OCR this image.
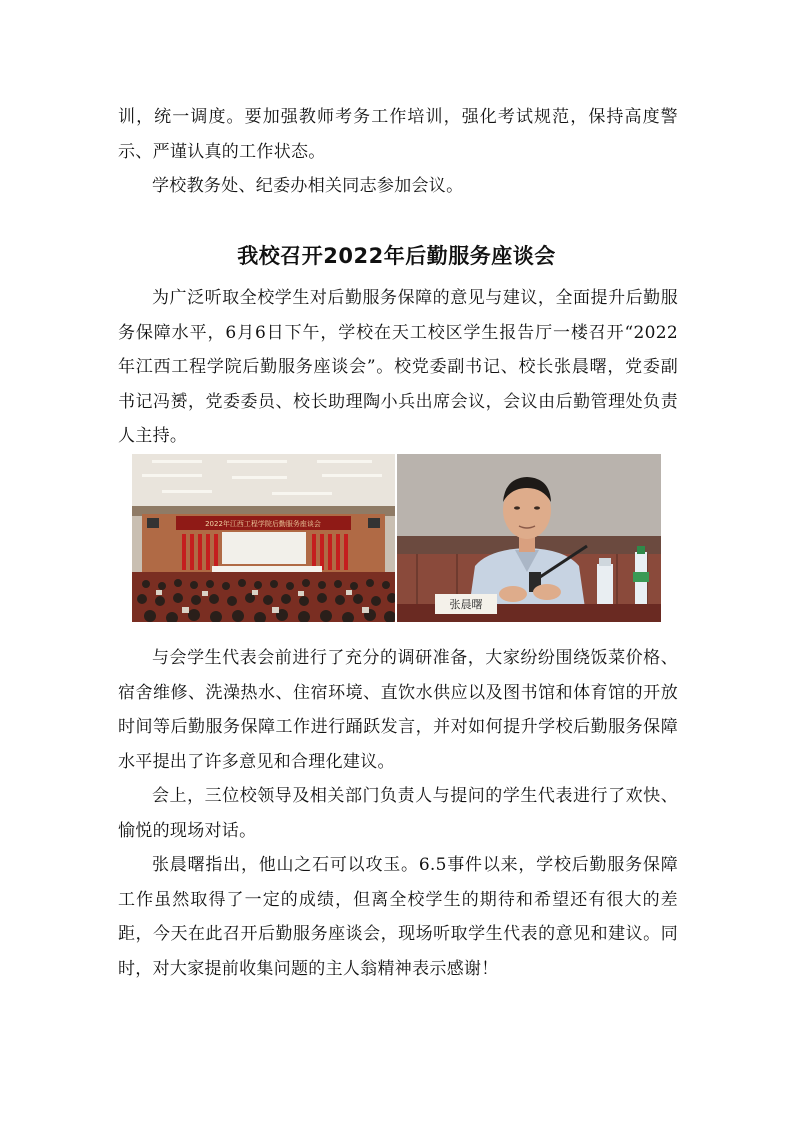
训，统一调度。要加强教师考务工作培训，强化考试规范，保持高度警示、严谨认真的工作状态。

学校教务处、纪委办相关同志参加会议。

我校召开2022年后勤服务座谈会

为广泛听取全校学生对后勤服务保障的意见与建议，全面提升后勤服务保障水平，6月6日下午，学校在天工校区学生报告厅一楼召开“2022年江西工程学院后勤服务座谈会”。校党委副书记、校长张晨曙，党委副书记冯赟，党委委员、校长助理陶小兵出席会议，会议由后勤管理处负责人主持。

2022年江西工程学院后勤服务座谈会
张晨曙

与会学生代表会前进行了充分的调研准备，大家纷纷围绕饭菜价格、宿舍维修、洗澡热水、住宿环境、直饮水供应以及图书馆和体育馆的开放时间等后勤服务保障工作进行踊跃发言，并对如何提升学校后勤服务保障水平提出了许多意见和合理化建议。

会上，三位校领导及相关部门负责人与提问的学生代表进行了欢快、愉悦的现场对话。

张晨曙指出，他山之石可以攻玉。6.5事件以来，学校后勤服务保障工作虽然取得了一定的成绩，但离全校学生的期待和希望还有很大的差距，今天在此召开后勤服务座谈会，现场听取学生代表的意见和建议。同时，对大家提前收集问题的主人翁精神表示感谢！
